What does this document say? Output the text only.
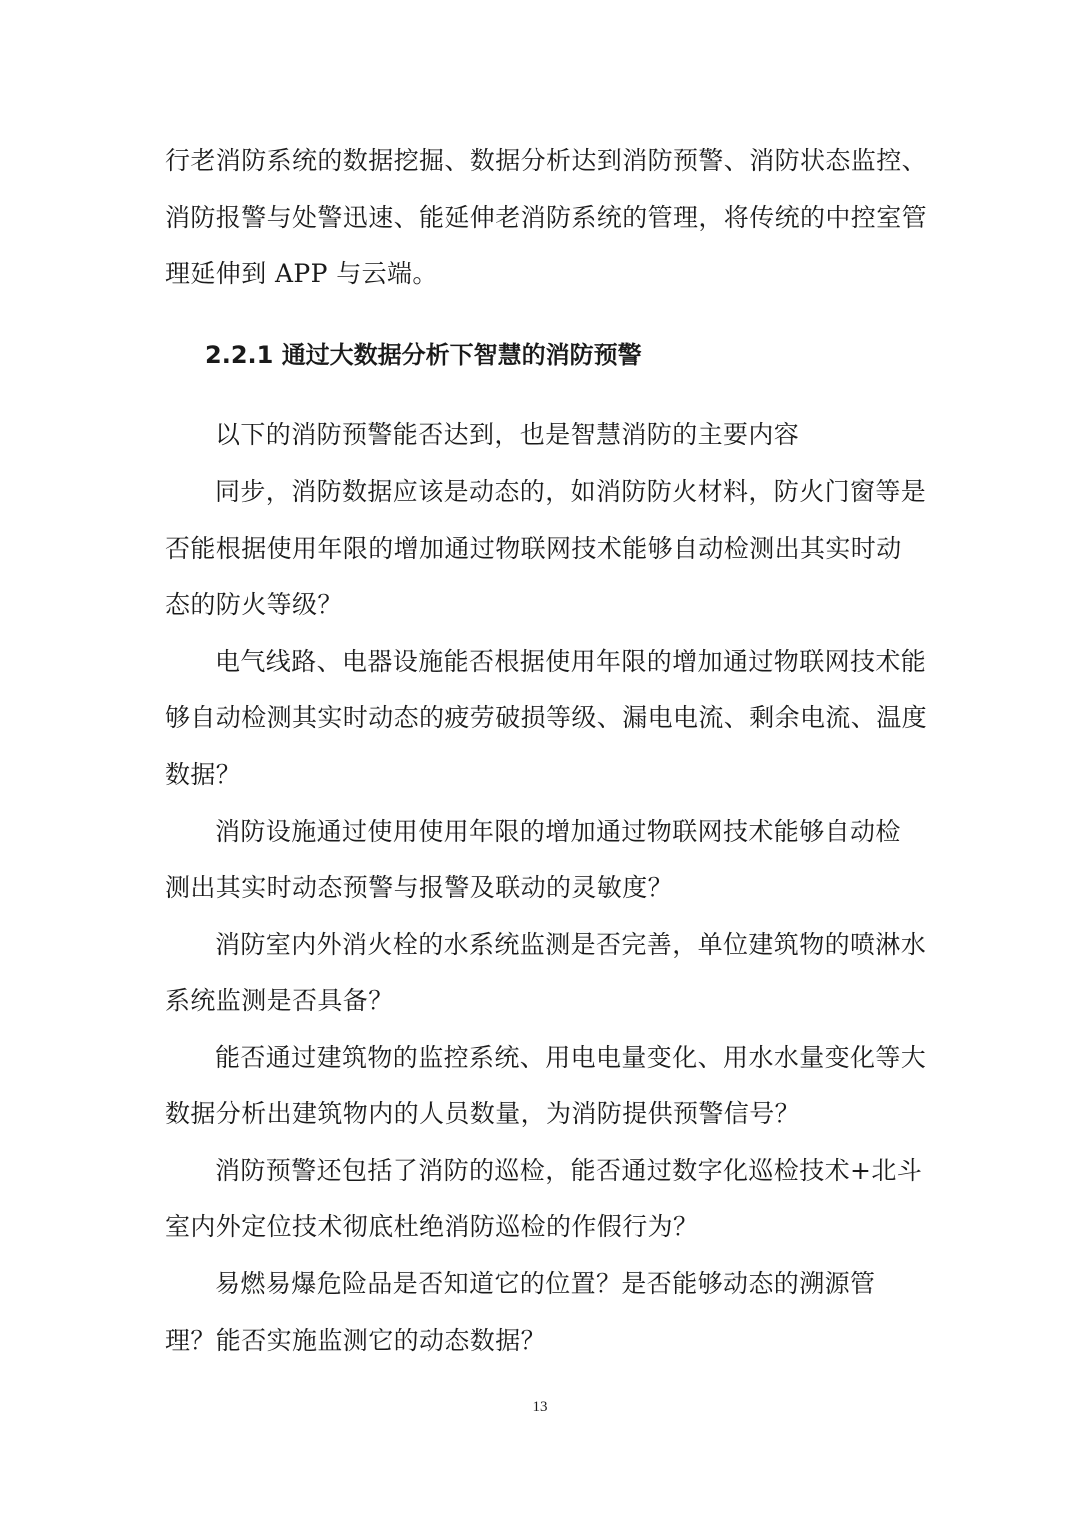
行老消防系统的数据挖掘、数据分析达到消防预警、消防状态监控、
消防报警与处警迅速、能延伸老消防系统的管理，将传统的中控室管
理延伸到 APP 与云端。
2.2.1 通过大数据分析下智慧的消防预警
以下的消防预警能否达到，也是智慧消防的主要内容
同步，消防数据应该是动态的，如消防防火材料，防火门窗等是
否能根据使用年限的增加通过物联网技术能够自动检测出其实时动
态的防火等级？
电气线路、电器设施能否根据使用年限的增加通过物联网技术能
够自动检测其实时动态的疲劳破损等级、漏电电流、剩余电流、温度
数据？
消防设施通过使用使用年限的增加通过物联网技术能够自动检
测出其实时动态预警与报警及联动的灵敏度？
消防室内外消火栓的水系统监测是否完善，单位建筑物的喷淋水
系统监测是否具备？
能否通过建筑物的监控系统、用电电量变化、用水水量变化等大
数据分析出建筑物内的人员数量，为消防提供预警信号？
消防预警还包括了消防的巡检，能否通过数字化巡检技术+北斗
室内外定位技术彻底杜绝消防巡检的作假行为？
易燃易爆危险品是否知道它的位置？是否能够动态的溯源管
理？能否实施监测它的动态数据？
13
